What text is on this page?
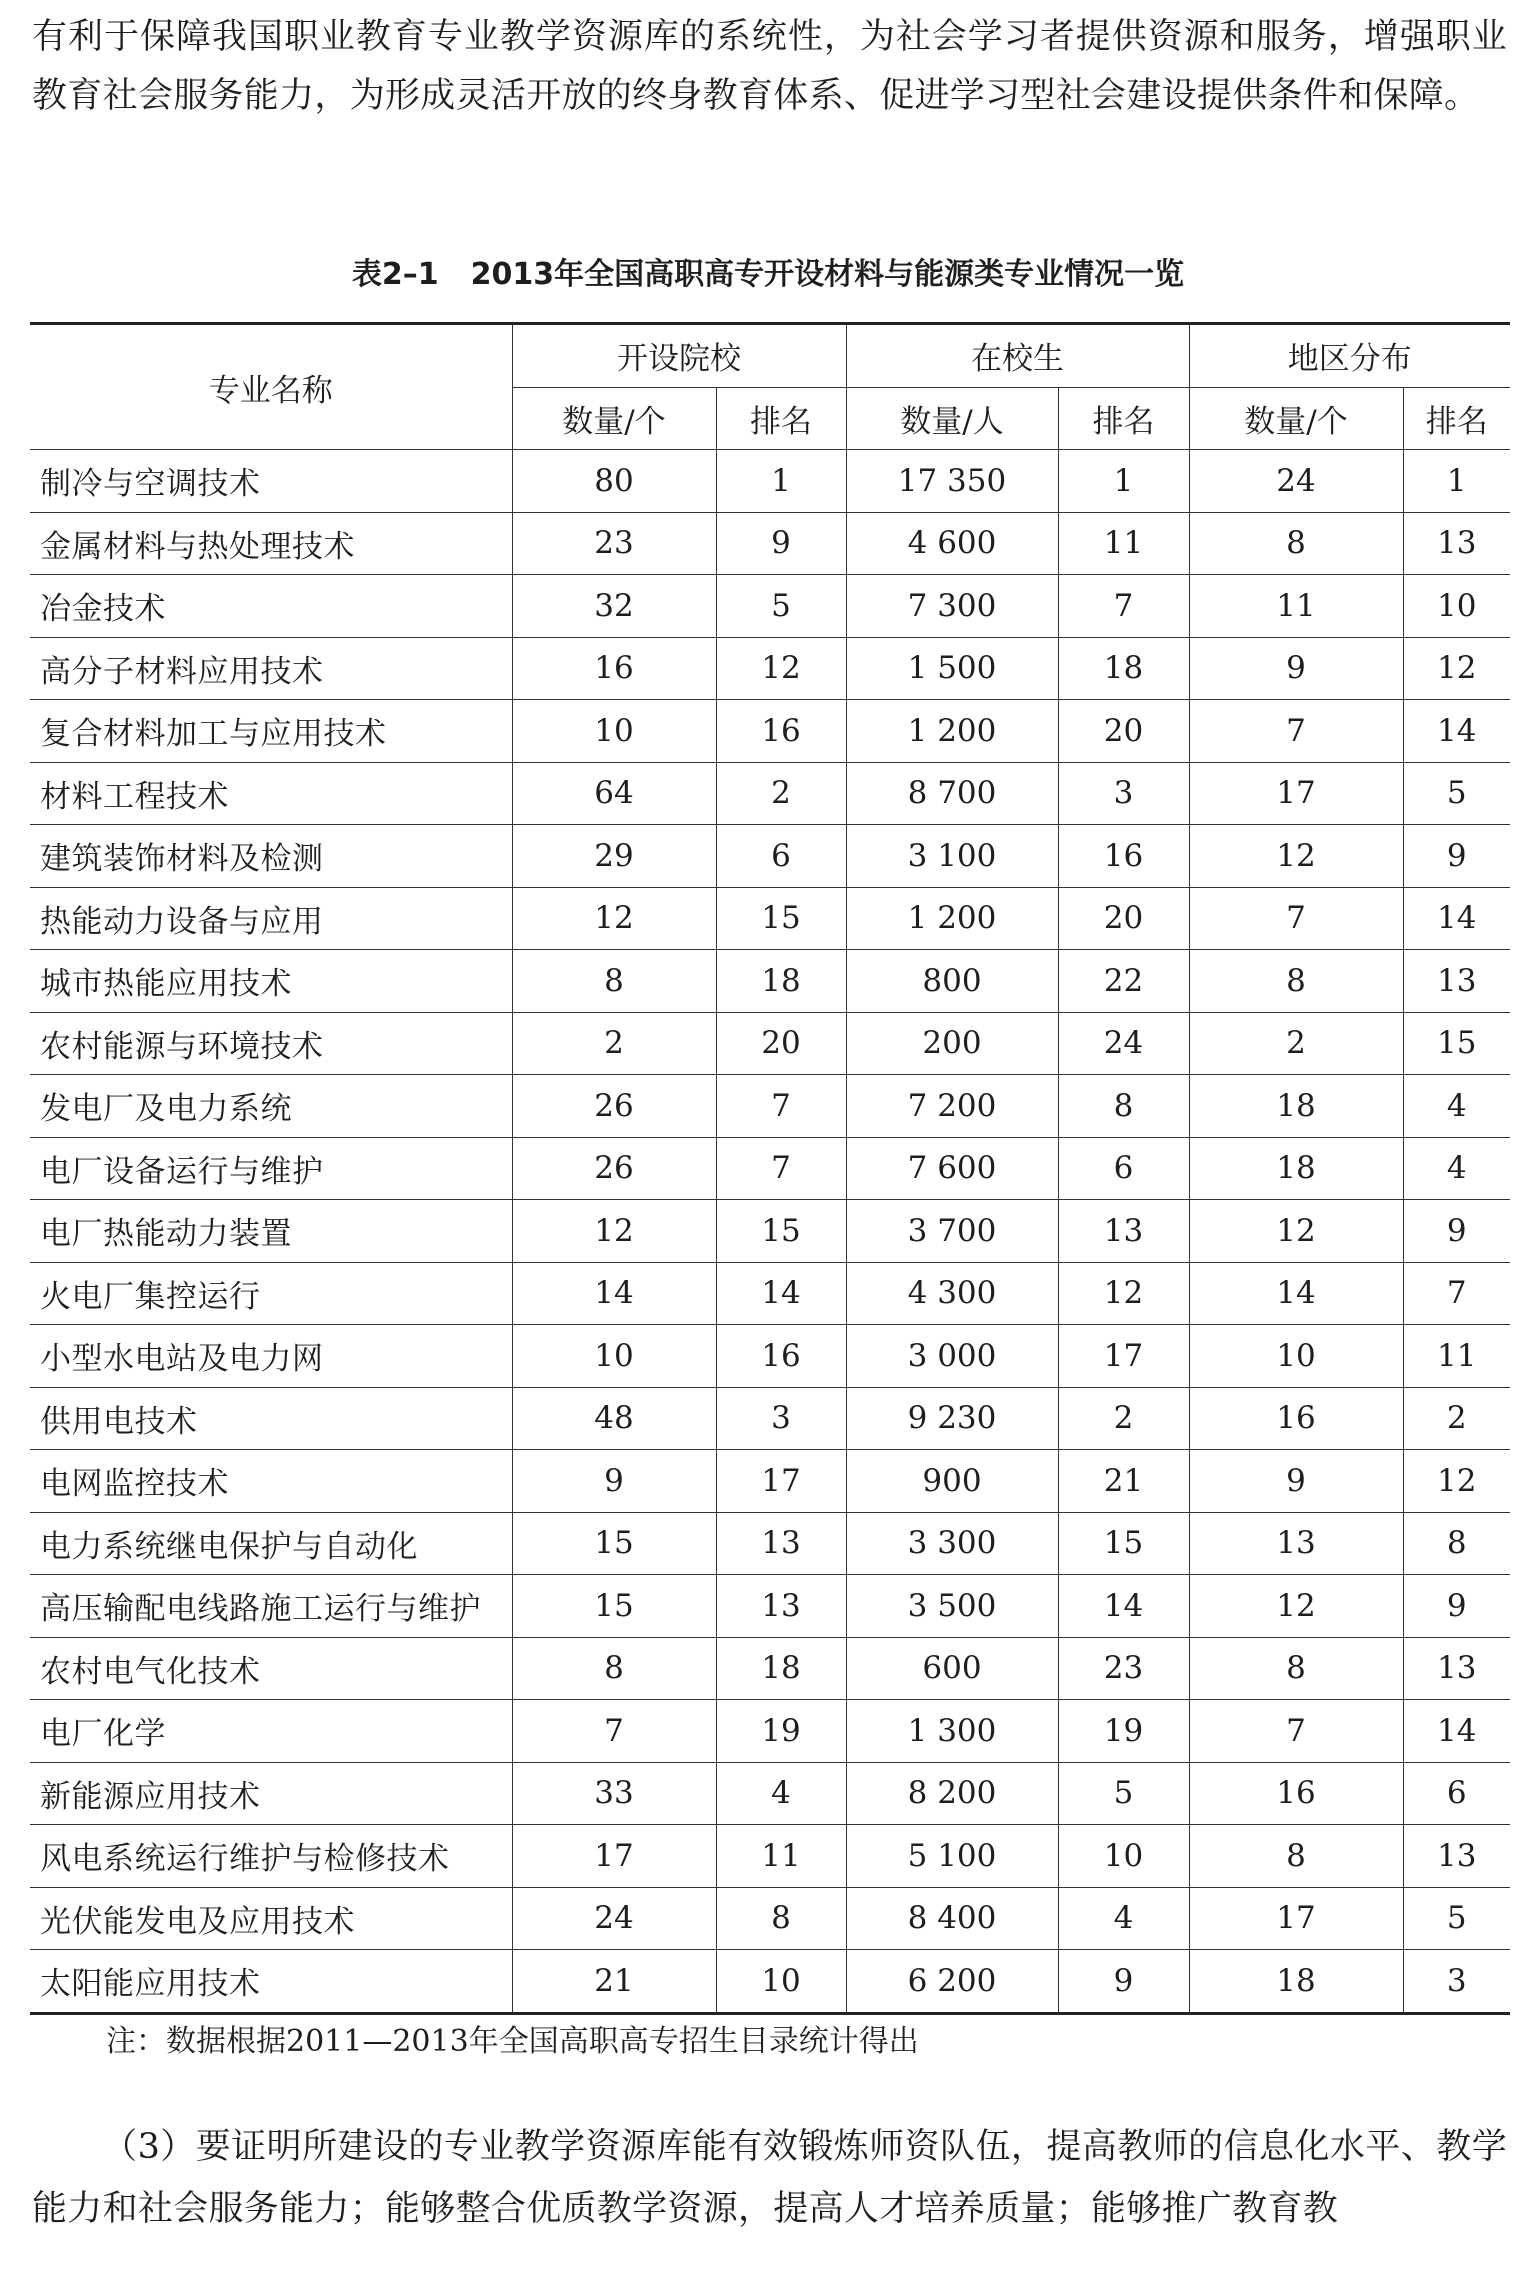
有利于保障我国职业教育专业教学资源库的系统性，为社会学习者提供资源和服务，增强职业教育社会服务能力，为形成灵活开放的终身教育体系、促进学习型社会建设提供条件和保障。

表2–1 2013年全国高职高专开设材料与能源类专业情况一览
专业名称	开设院校		在校生		地区分布	
	数量/个	排名	数量/人	排名	数量/个	排名
制冷与空调技术	80	1	17 350	1	24	1
金属材料与热处理技术	23	9	4 600	11	8	13
冶金技术	32	5	7 300	7	11	10
高分子材料应用技术	16	12	1 500	18	9	12
复合材料加工与应用技术	10	16	1 200	20	7	14
材料工程技术	64	2	8 700	3	17	5
建筑装饰材料及检测	29	6	3 100	16	12	9
热能动力设备与应用	12	15	1 200	20	7	14
城市热能应用技术	8	18	800	22	8	13
农村能源与环境技术	2	20	200	24	2	15
发电厂及电力系统	26	7	7 200	8	18	4
电厂设备运行与维护	26	7	7 600	6	18	4
电厂热能动力装置	12	15	3 700	13	12	9
火电厂集控运行	14	14	4 300	12	14	7
小型水电站及电力网	10	16	3 000	17	10	11
供用电技术	48	3	9 230	2	16	2
电网监控技术	9	17	900	21	9	12
电力系统继电保护与自动化	15	13	3 300	15	13	8
高压输配电线路施工运行与维护	15	13	3 500	14	12	9
农村电气化技术	8	18	600	23	8	13
电厂化学	7	19	1 300	19	7	14
新能源应用技术	33	4	8 200	5	16	6
风电系统运行维护与检修技术	17	11	5 100	10	8	13
光伏能发电及应用技术	24	8	8 400	4	17	5
太阳能应用技术	21	10	6 200	9	18	3
注：数据根据2011—2013年全国高职高专招生目录统计得出

（3）要证明所建设的专业教学资源库能有效锻炼师资队伍，提高教师的信息化水平、教学能力和社会服务能力；能够整合优质教学资源，提高人才培养质量；能够推广教育教
